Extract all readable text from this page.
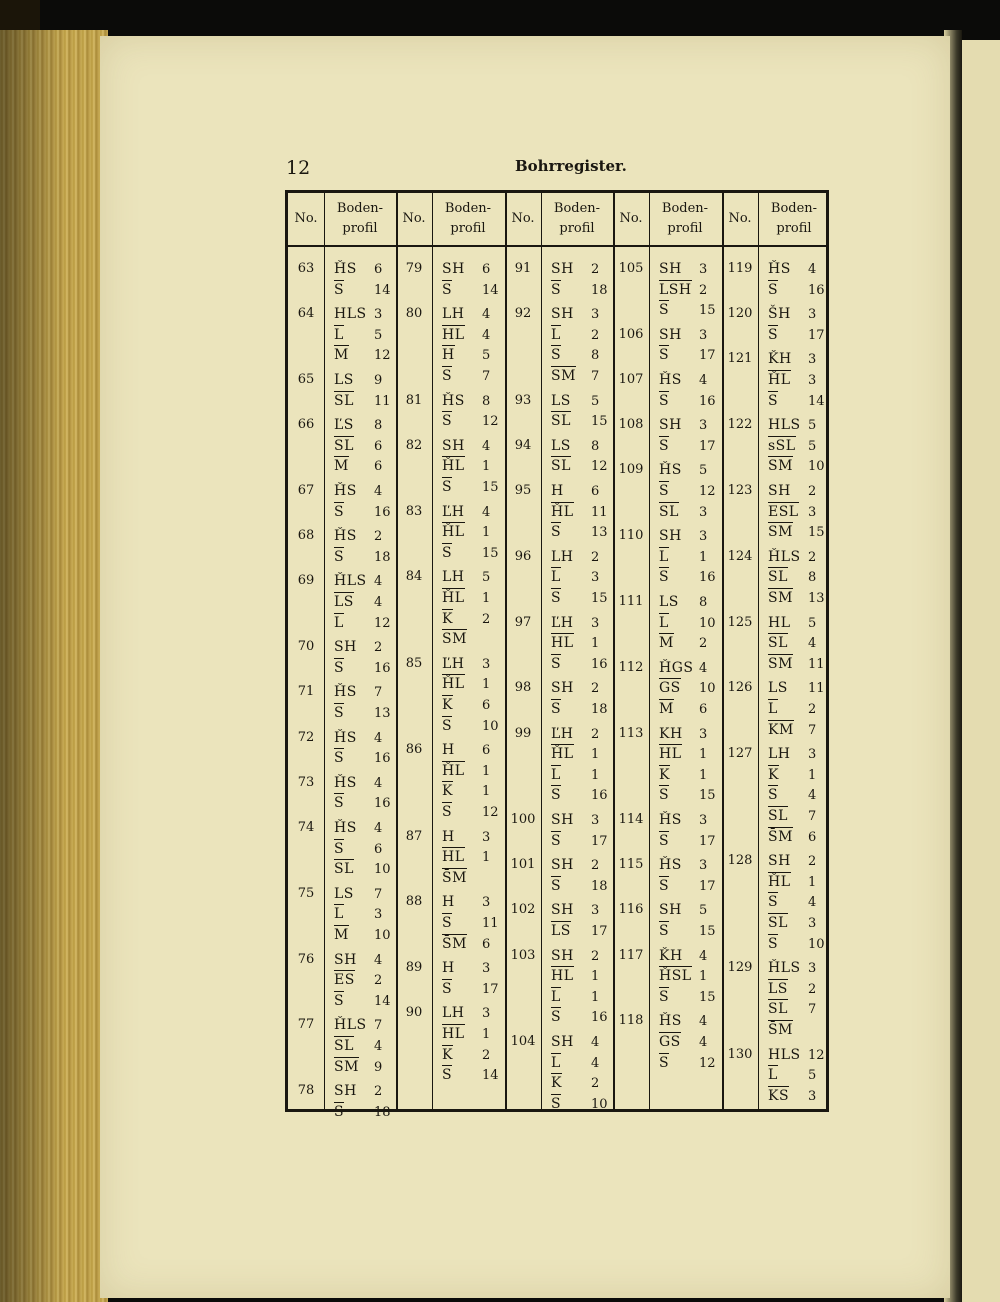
12	Bohrregister.
No.
Boden-
profil
No.
Boden-
profil
No.
Boden-
profil
No.
Boden-
profil
No.
Boden-
profil
63 ȞS 6
S 14
64 HLS 3
L 5
M 12
65 LS 9
SL 11
66 ĽS 8
SL 6
M 6
67 ȞS 4
S 16
68 ȞS 2
S 18
69 ȞLS 4
LS 4
L 12
70 SH 2
S 16
71 ȞS 7
S 13
72 ȞS 4
S 16
73 ȞS 4
S 16
74 ȞS 4
S 6
SL 10
75 LS 7
L 3
M 10
76 SH 4
ES 2
S 14
77 ȞLS 7
SL 4
SM 9
78 SH 2
S 18
79 SH 6
S 14
80 LH 4
HL 4
H 5
S 7
81 ȞS 8
S 12
82 SH 4
ȞL 1
S 15
83 ĽH 4
ȞL 1
S 15
84 LH 5
ȞL 1
K 2
SM
85 ĽH 3
ȞL 1
K 6
S 10
86 H 6
ȞL 1
K 1
S 12
87 H 3
HL 1
S̄M
88 H 3
S 11
S̄M 6
89 H 3
S 17
90 LH 3
HL 1
K 2
S 14
91 SH 2
S 18
92 SH 3
L 2
S 8
SM 7
93 LS 5
SL 15
94 LS 8
SL 12
95 H 6
ȞL 11
S 13
96 LH 2
L 3
S 15
97 ĽH 3
HL 1
S 16
98 SH 2
S 18
99 ĽH 2
ȞL 1
L 1
S 16
100 SH 3
S 17
101 SH 2
S 18
102 SH 3
LS 17
103 SH 2
HL 1
L 1
S 16
104 SH 4
L 4
K 2
S 10
105 SH 3
LSH 2
S 15
106 SH 3
S 17
107 ȞS 4
S 16
108 SH 3
S 17
109 ȞS 5
S 12
SL 3
110 SH 3
L 1
S 16
111 LS 8
L 10
M 2
112 ȞGS 4
GS 10
M 6
113 KH 3
HL 1
K 1
S 15
114 ȞS 3
S 17
115 ȞS 3
S 17
116 SH 5
S 15
117 ǨH 4
ȞSL 1
S 15
118 ȞS 4
GS 4
S 12
119 ȞS 4
S 16
120 ŠH 3
S 17
121 ǨH 3
ȞL 3
S 14
122 HLS 5
sSL 5
SM 10
123 SH 2
ESL 3
SM 15
124 ȞLS 2
SL 8
SM 13
125 HL 5
SL 4
SM 11
126 LS 11
L 2
KM 7
127 LH 3
K 1
S 4
SL 7
S̄M 6
128 SH 2
ȞL 1
S 4
SL 3
S 10
129 ȞLS 3
LS 2
SL 7
S̄M
130 HLS 12
L 5
KS 3
